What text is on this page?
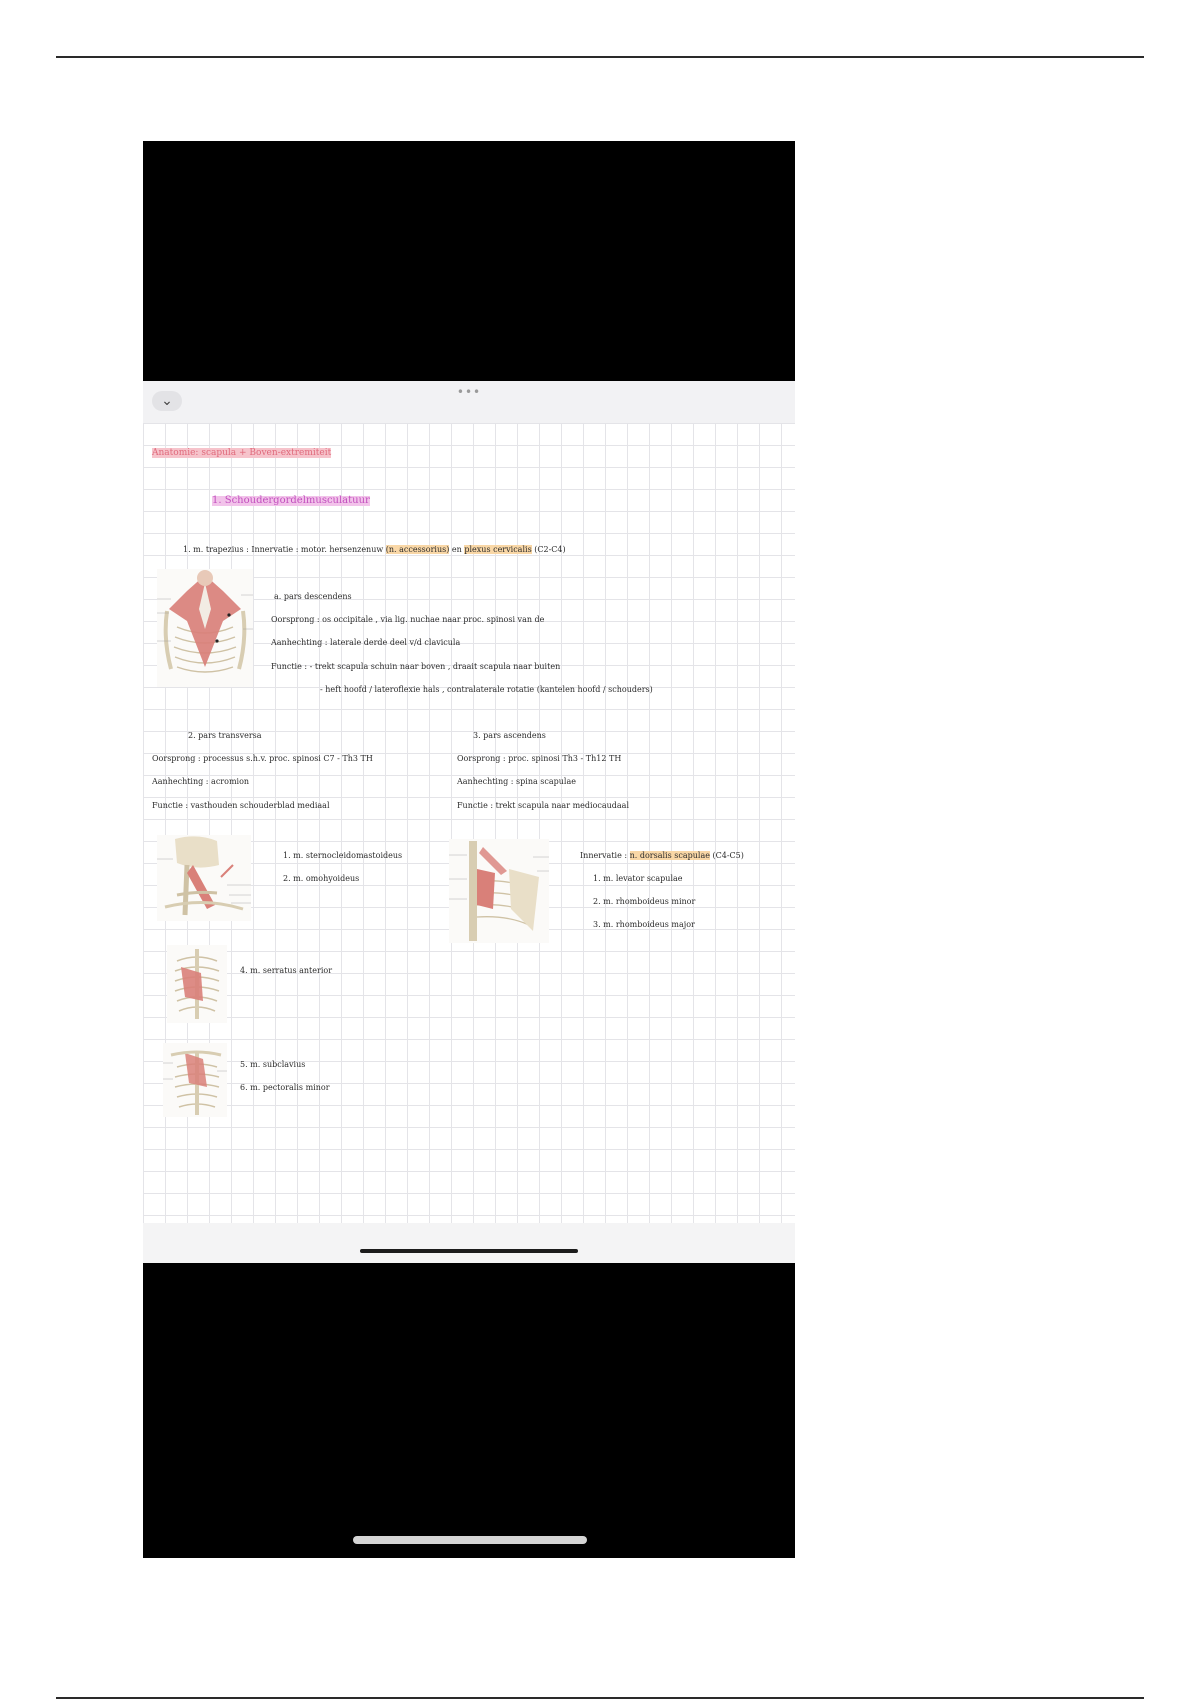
⌄
•••
Anatomie: scapula + Boven-extremiteit
1. Schoudergordelmusculatuur
1. m. trapezius : Innervatie : motor. hersenzenuw (n. accessorius) en plexus cervicalis (C2-C4)
a. pars descendens
Oorsprong : os occipitale , via lig. nuchae naar proc. spinosi van de
Aanhechting : laterale derde deel v/d clavicula
Functie : - trekt scapula schuin naar boven , draait scapula naar buiten
- heft hoofd / lateroflexie hals , contralaterale rotatie (kantelen hoofd / schouders)
2. pars transversa
Oorsprong : processus s.h.v. proc. spinosi C7 - Th3 TH
Aanhechting : acromion
Functie : vasthouden schouderblad mediaal
3. pars ascendens
Oorsprong : proc. spinosi Th3 - Th12 TH
Aanhechting : spina scapulae
Functie : trekt scapula naar mediocaudaal
1. m. sternocleidomastoideus
2. m. omohyoideus
Innervatie : n. dorsalis scapulae (C4-C5)
1. m. levator scapulae
2. m. rhomboideus minor
3. m. rhomboideus major
4. m. serratus anterior
5. m. subclavius
6. m. pectoralis minor
